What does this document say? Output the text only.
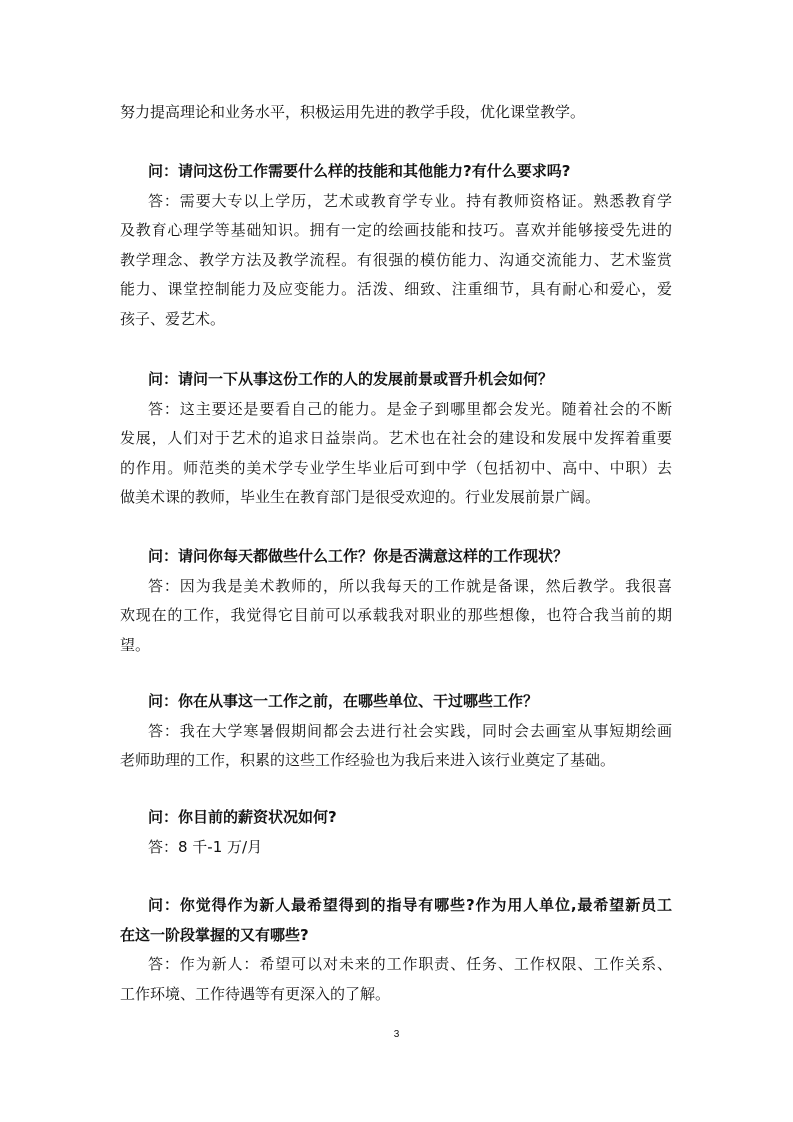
努力提高理论和业务水平，积极运用先进的教学手段，优化课堂教学。
问：请问这份工作需要什么样的技能和其他能力?有什么要求吗?
答：需要大专以上学历，艺术或教育学专业。持有教师资格证。熟悉教育学
及教育心理学等基础知识。拥有一定的绘画技能和技巧。喜欢并能够接受先进的
教学理念、教学方法及教学流程。有很强的模仿能力、沟通交流能力、艺术鉴赏
能力、课堂控制能力及应变能力。活泼、细致、注重细节，具有耐心和爱心，爱
孩子、爱艺术。
问：请问一下从事这份工作的人的发展前景或晋升机会如何？
答：这主要还是要看自己的能力。是金子到哪里都会发光。随着社会的不断
发展，人们对于艺术的追求日益崇尚。艺术也在社会的建设和发展中发挥着重要
的作用。师范类的美术学专业学生毕业后可到中学（包括初中、高中、中职）去
做美术课的教师，毕业生在教育部门是很受欢迎的。行业发展前景广阔。
问：请问你每天都做些什么工作？你是否满意这样的工作现状？
答：因为我是美术教师的，所以我每天的工作就是备课，然后教学。我很喜
欢现在的工作，我觉得它目前可以承载我对职业的那些想像，也符合我当前的期
望。
问：你在从事这一工作之前，在哪些单位、干过哪些工作？
答：我在大学寒暑假期间都会去进行社会实践，同时会去画室从事短期绘画
老师助理的工作，积累的这些工作经验也为我后来进入该行业奠定了基础。
问：你目前的薪资状况如何?
答：8 千-1 万/月
问：你觉得作为新人最希望得到的指导有哪些?作为用人单位,最希望新员工
在这一阶段掌握的又有哪些?
答：作为新人：希望可以对未来的工作职责、任务、工作权限、工作关系、
工作环境、工作待遇等有更深入的了解。
3
